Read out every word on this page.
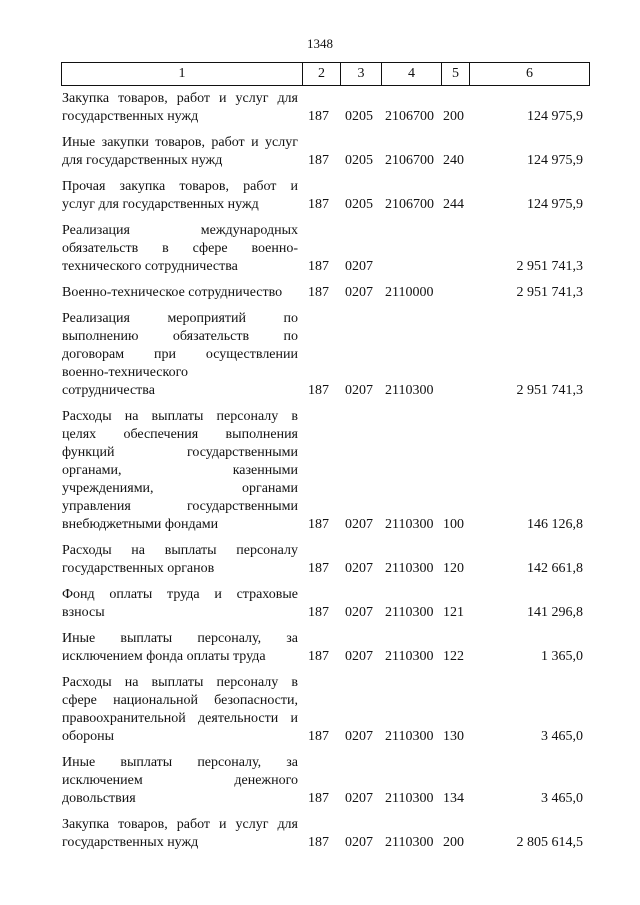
1348
1	2	3	4	5	6
Закупка товаров, работ и услуг для
государственных нужд	187 0205 2106700 200	124 975,9
Иные закупки товаров, работ и услуг
для государственных нужд	187 0205 2106700 240	124 975,9
Прочая закупка товаров, работ и
услуг для государственных нужд	187 0205 2106700 244	124 975,9
Реализация международных
обязательств в сфере военно-
технического сотрудничества	187 0207	2 951 741,3
Военно-техническое сотрудничество	187 0207 2110000	2 951 741,3
Реализация мероприятий по
выполнению обязательств по
договорам при осуществлении
военно-технического
сотрудничества	187 0207 2110300	2 951 741,3
Расходы на выплаты персоналу в
целях обеспечения выполнения
функций государственными
органами, казенными
учреждениями, органами
управления государственными
внебюджетными фондами	187 0207 2110300 100	146 126,8
Расходы на выплаты персоналу
государственных органов	187 0207 2110300 120	142 661,8
Фонд оплаты труда и страховые
взносы	187 0207 2110300 121	141 296,8
Иные выплаты персоналу, за
исключением фонда оплаты труда	187 0207 2110300 122	1 365,0
Расходы на выплаты персоналу в
сфере национальной безопасности,
правоохранительной деятельности и
обороны	187 0207 2110300 130	3 465,0
Иные выплаты персоналу, за
исключением денежного
довольствия	187 0207 2110300 134	3 465,0
Закупка товаров, работ и услуг для
государственных нужд	187 0207 2110300 200	2 805 614,5
